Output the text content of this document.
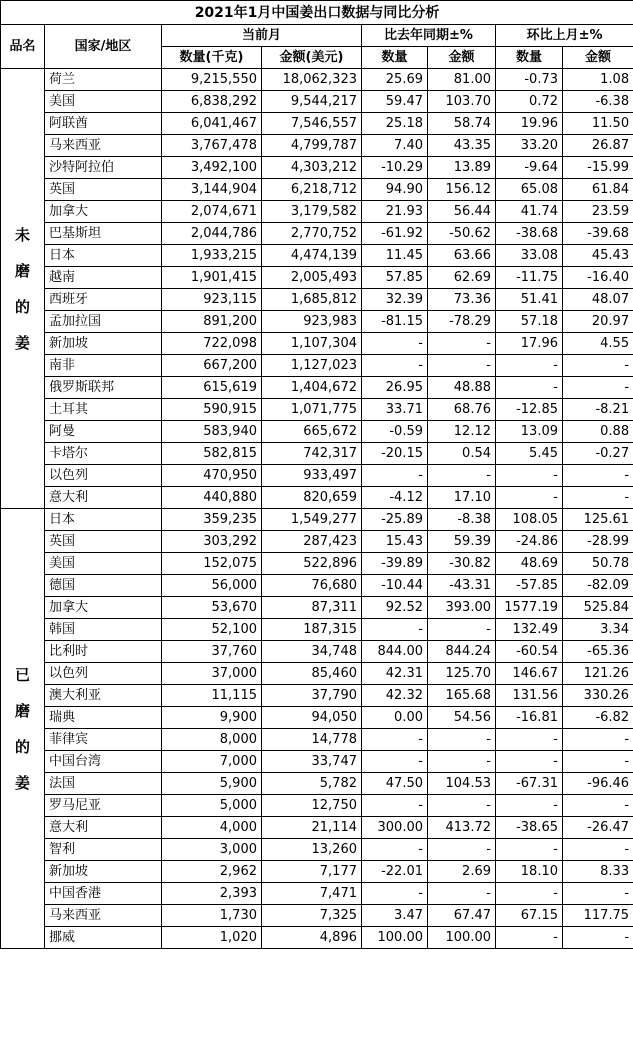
2021年1月中国姜出口数据与同比分析							
品名	国家/地区	当前月		比去年同期±%		环比上月±%	
		数量(千克)	金额(美元)	数量	金额	数量	金额
未磨的姜	荷兰	9,215,550	18,062,323	25.69	81.00	-0.73	1.08
	美国	6,838,292	9,544,217	59.47	103.70	0.72	-6.38
	阿联酋	6,041,467	7,546,557	25.18	58.74	19.96	11.50
	马来西亚	3,767,478	4,799,787	7.40	43.35	33.20	26.87
	沙特阿拉伯	3,492,100	4,303,212	-10.29	13.89	-9.64	-15.99
	英国	3,144,904	6,218,712	94.90	156.12	65.08	61.84
	加拿大	2,074,671	3,179,582	21.93	56.44	41.74	23.59
	巴基斯坦	2,044,786	2,770,752	-61.92	-50.62	-38.68	-39.68
	日本	1,933,215	4,474,139	11.45	63.66	33.08	45.43
	越南	1,901,415	2,005,493	57.85	62.69	-11.75	-16.40
	西班牙	923,115	1,685,812	32.39	73.36	51.41	48.07
	孟加拉国	891,200	923,983	-81.15	-78.29	57.18	20.97
	新加坡	722,098	1,107,304	-	-	17.96	4.55
	南非	667,200	1,127,023	-	-	-	-
	俄罗斯联邦	615,619	1,404,672	26.95	48.88	-	-
	土耳其	590,915	1,071,775	33.71	68.76	-12.85	-8.21
	阿曼	583,940	665,672	-0.59	12.12	13.09	0.88
	卡塔尔	582,815	742,317	-20.15	0.54	5.45	-0.27
	以色列	470,950	933,497	-	-	-	-
	意大利	440,880	820,659	-4.12	17.10	-	-
已磨的姜	日本	359,235	1,549,277	-25.89	-8.38	108.05	125.61
	英国	303,292	287,423	15.43	59.39	-24.86	-28.99
	美国	152,075	522,896	-39.89	-30.82	48.69	50.78
	德国	56,000	76,680	-10.44	-43.31	-57.85	-82.09
	加拿大	53,670	87,311	92.52	393.00	1577.19	525.84
	韩国	52,100	187,315	-	-	132.49	3.34
	比利时	37,760	34,748	844.00	844.24	-60.54	-65.36
	以色列	37,000	85,460	42.31	125.70	146.67	121.26
	澳大利亚	11,115	37,790	42.32	165.68	131.56	330.26
	瑞典	9,900	94,050	0.00	54.56	-16.81	-6.82
	菲律宾	8,000	14,778	-	-	-	-
	中国台湾	7,000	33,747	-	-	-	-
	法国	5,900	5,782	47.50	104.53	-67.31	-96.46
	罗马尼亚	5,000	12,750	-	-	-	-
	意大利	4,000	21,114	300.00	413.72	-38.65	-26.47
	智利	3,000	13,260	-	-	-	-
	新加坡	2,962	7,177	-22.01	2.69	18.10	8.33
	中国香港	2,393	7,471	-	-	-	-
	马来西亚	1,730	7,325	3.47	67.47	67.15	117.75
	挪威	1,020	4,896	100.00	100.00	-	-
